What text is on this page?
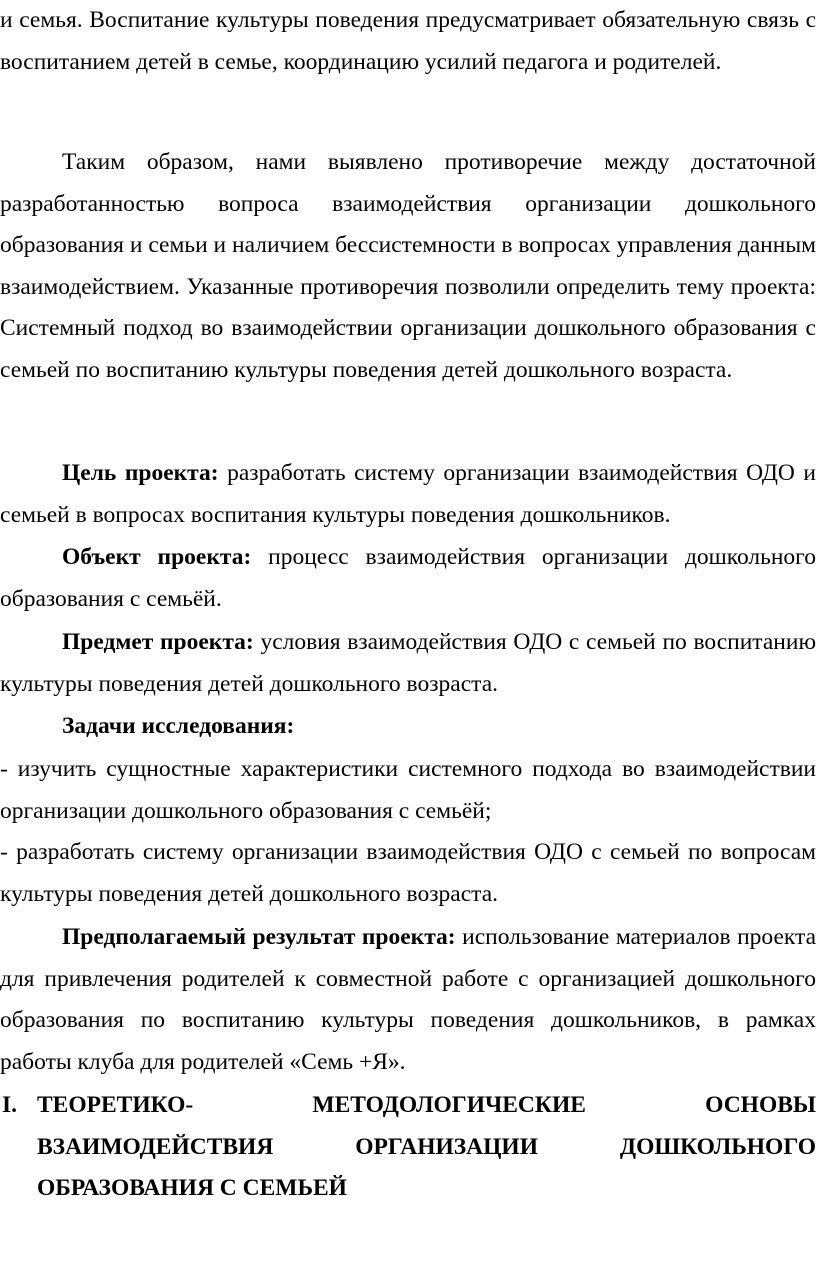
и семья. Воспитание культуры поведения предусматривает обязательную связь с воспитанием детей в семье, координацию усилий педагога и родителей.

Таким образом, нами выявлено противоречие между достаточной разработанностью вопроса взаимодействия организации дошкольного образования и семьи и наличием бессистемности в вопросах управления данным взаимодействием. Указанные противоречия позволили определить тему проекта: Системный подход во взаимодействии организации дошкольного образования с семьей по воспитанию культуры поведения детей дошкольного возраста.

Цель проекта: разработать систему организации взаимодействия ОДО и семьей в вопросах воспитания культуры поведения дошкольников.

Объект проекта: процесс взаимодействия организации дошкольного образования с семьёй.

Предмет проекта: условия взаимодействия ОДО с семьей по воспитанию культуры поведения детей дошкольного возраста.

Задачи исследования:

- изучить сущностные характеристики системного подхода во взаимодействии организации дошкольного образования с семьёй;

- разработать систему организации взаимодействия ОДО с семьей по вопросам культуры поведения детей дошкольного возраста.

Предполагаемый результат проекта: использование материалов проекта для привлечения родителей к совместной работе с организацией дошкольного образования по воспитанию культуры поведения дошкольников, в рамках работы клуба для родителей «Семь +Я».

I. ТЕОРЕТИКО-	МЕТОДОЛОГИЧЕСКИЕ	ОСНОВЫ
ВЗАИМОДЕЙСТВИЯ	ОРГАНИЗАЦИИ	ДОШКОЛЬНОГО
ОБРАЗОВАНИЯ С СЕМЬЕЙ
